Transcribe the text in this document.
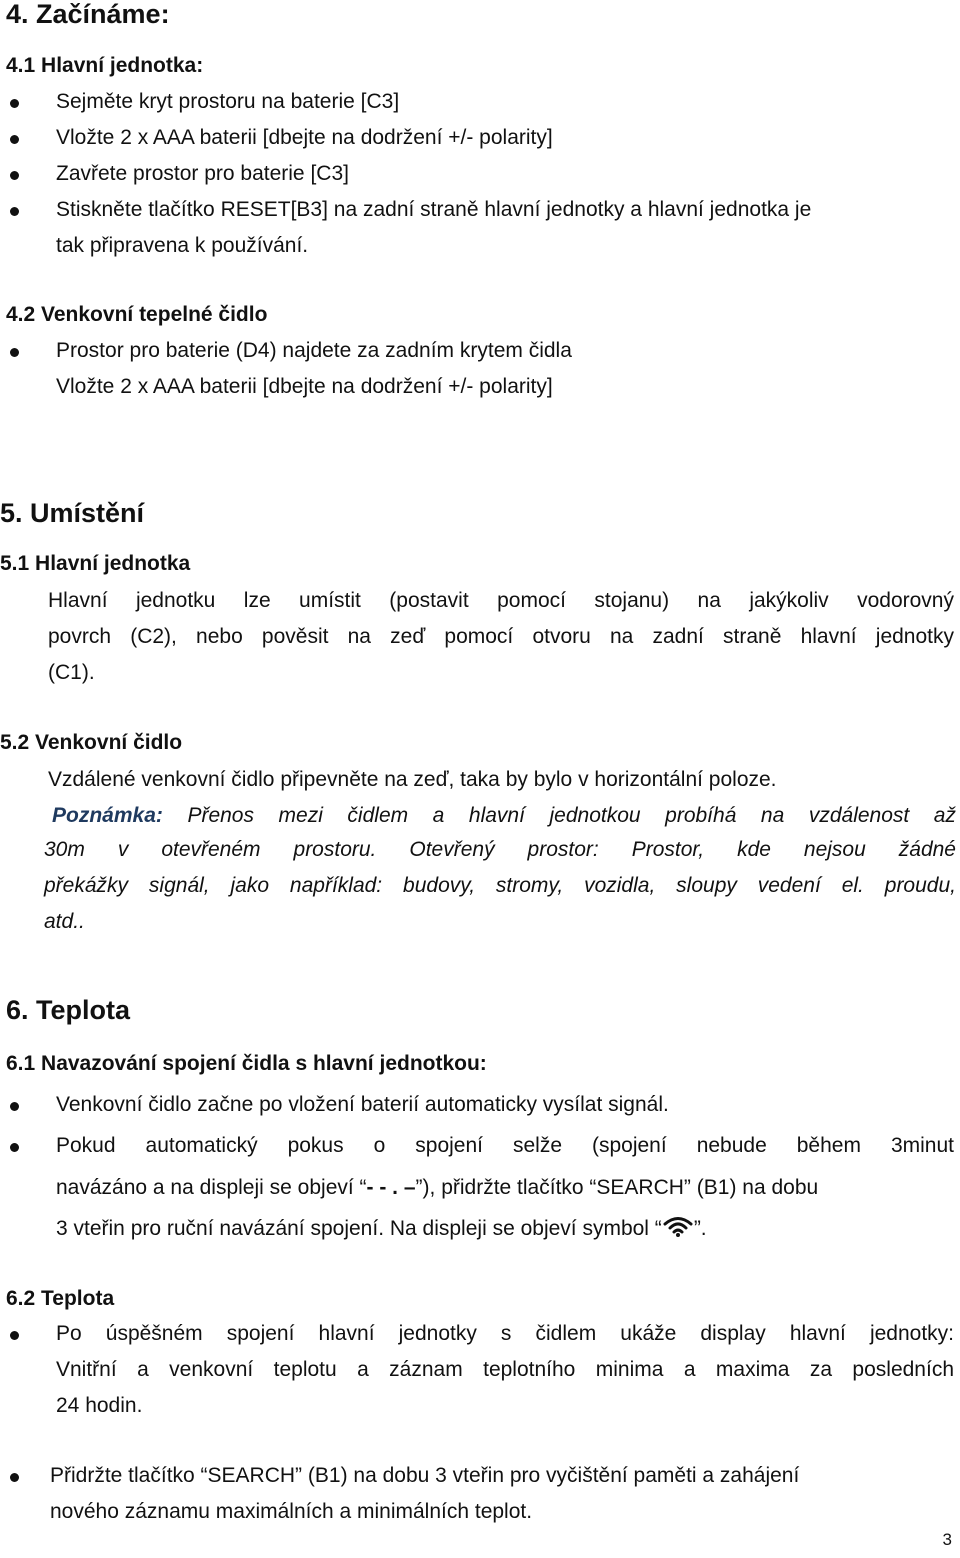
4. Začínáme:
4.1 Hlavní jednotka:
Sejměte kryt prostoru na baterie [C3]
Vložte 2 x AAA baterii [dbejte na dodržení +/- polarity]
Zavřete prostor pro baterie [C3]
Stiskněte tlačítko RESET[B3] na zadní straně hlavní jednotky a hlavní jednotka je
tak připravena k používání.
4.2 Venkovní tepelné čidlo
Prostor pro baterie (D4) najdete za zadním krytem čidla
Vložte 2 x AAA baterii [dbejte na dodržení +/- polarity]
5. Umístění
5.1 Hlavní jednotka
Hlavní jednotku lze umístit (postavit pomocí stojanu) na jakýkoliv vodorovný
povrch (C2), nebo pověsit na zeď pomocí otvoru na zadní straně hlavní jednotky
(C1).
5.2 Venkovní čidlo
Vzdálené venkovní čidlo připevněte na zeď, taka by bylo v horizontální poloze.
Poznámka: Přenos mezi čidlem a hlavní jednotkou probíhá na vzdálenost až
30m v otevřeném prostoru. Otevřený prostor: Prostor, kde nejsou žádné
překážky signál, jako například: budovy, stromy, vozidla, sloupy vedení el. proudu,
atd..
6. Teplota
6.1 Navazování spojení čidla s hlavní jednotkou:
Venkovní čidlo začne po vložení baterií automaticky vysílat signál.
Pokud automatický pokus o spojení selže (spojení nebude během 3minut
navázáno a na displeji se objeví “- - . –”), přidržte tlačítko “SEARCH” (B1) na dobu
3 vteřin pro ruční navázání spojení. Na displeji se objeví symbol “ ”.
6.2 Teplota
Po úspěšném spojení hlavní jednotky s čidlem ukáže display hlavní jednotky:
Vnitřní a venkovní teplotu a záznam teplotního minima a maxima za posledních
24 hodin.
Přidržte tlačítko “SEARCH” (B1) na dobu 3 vteřin pro vyčištění paměti a zahájení
nového záznamu maximálních a minimálních teplot.
3
